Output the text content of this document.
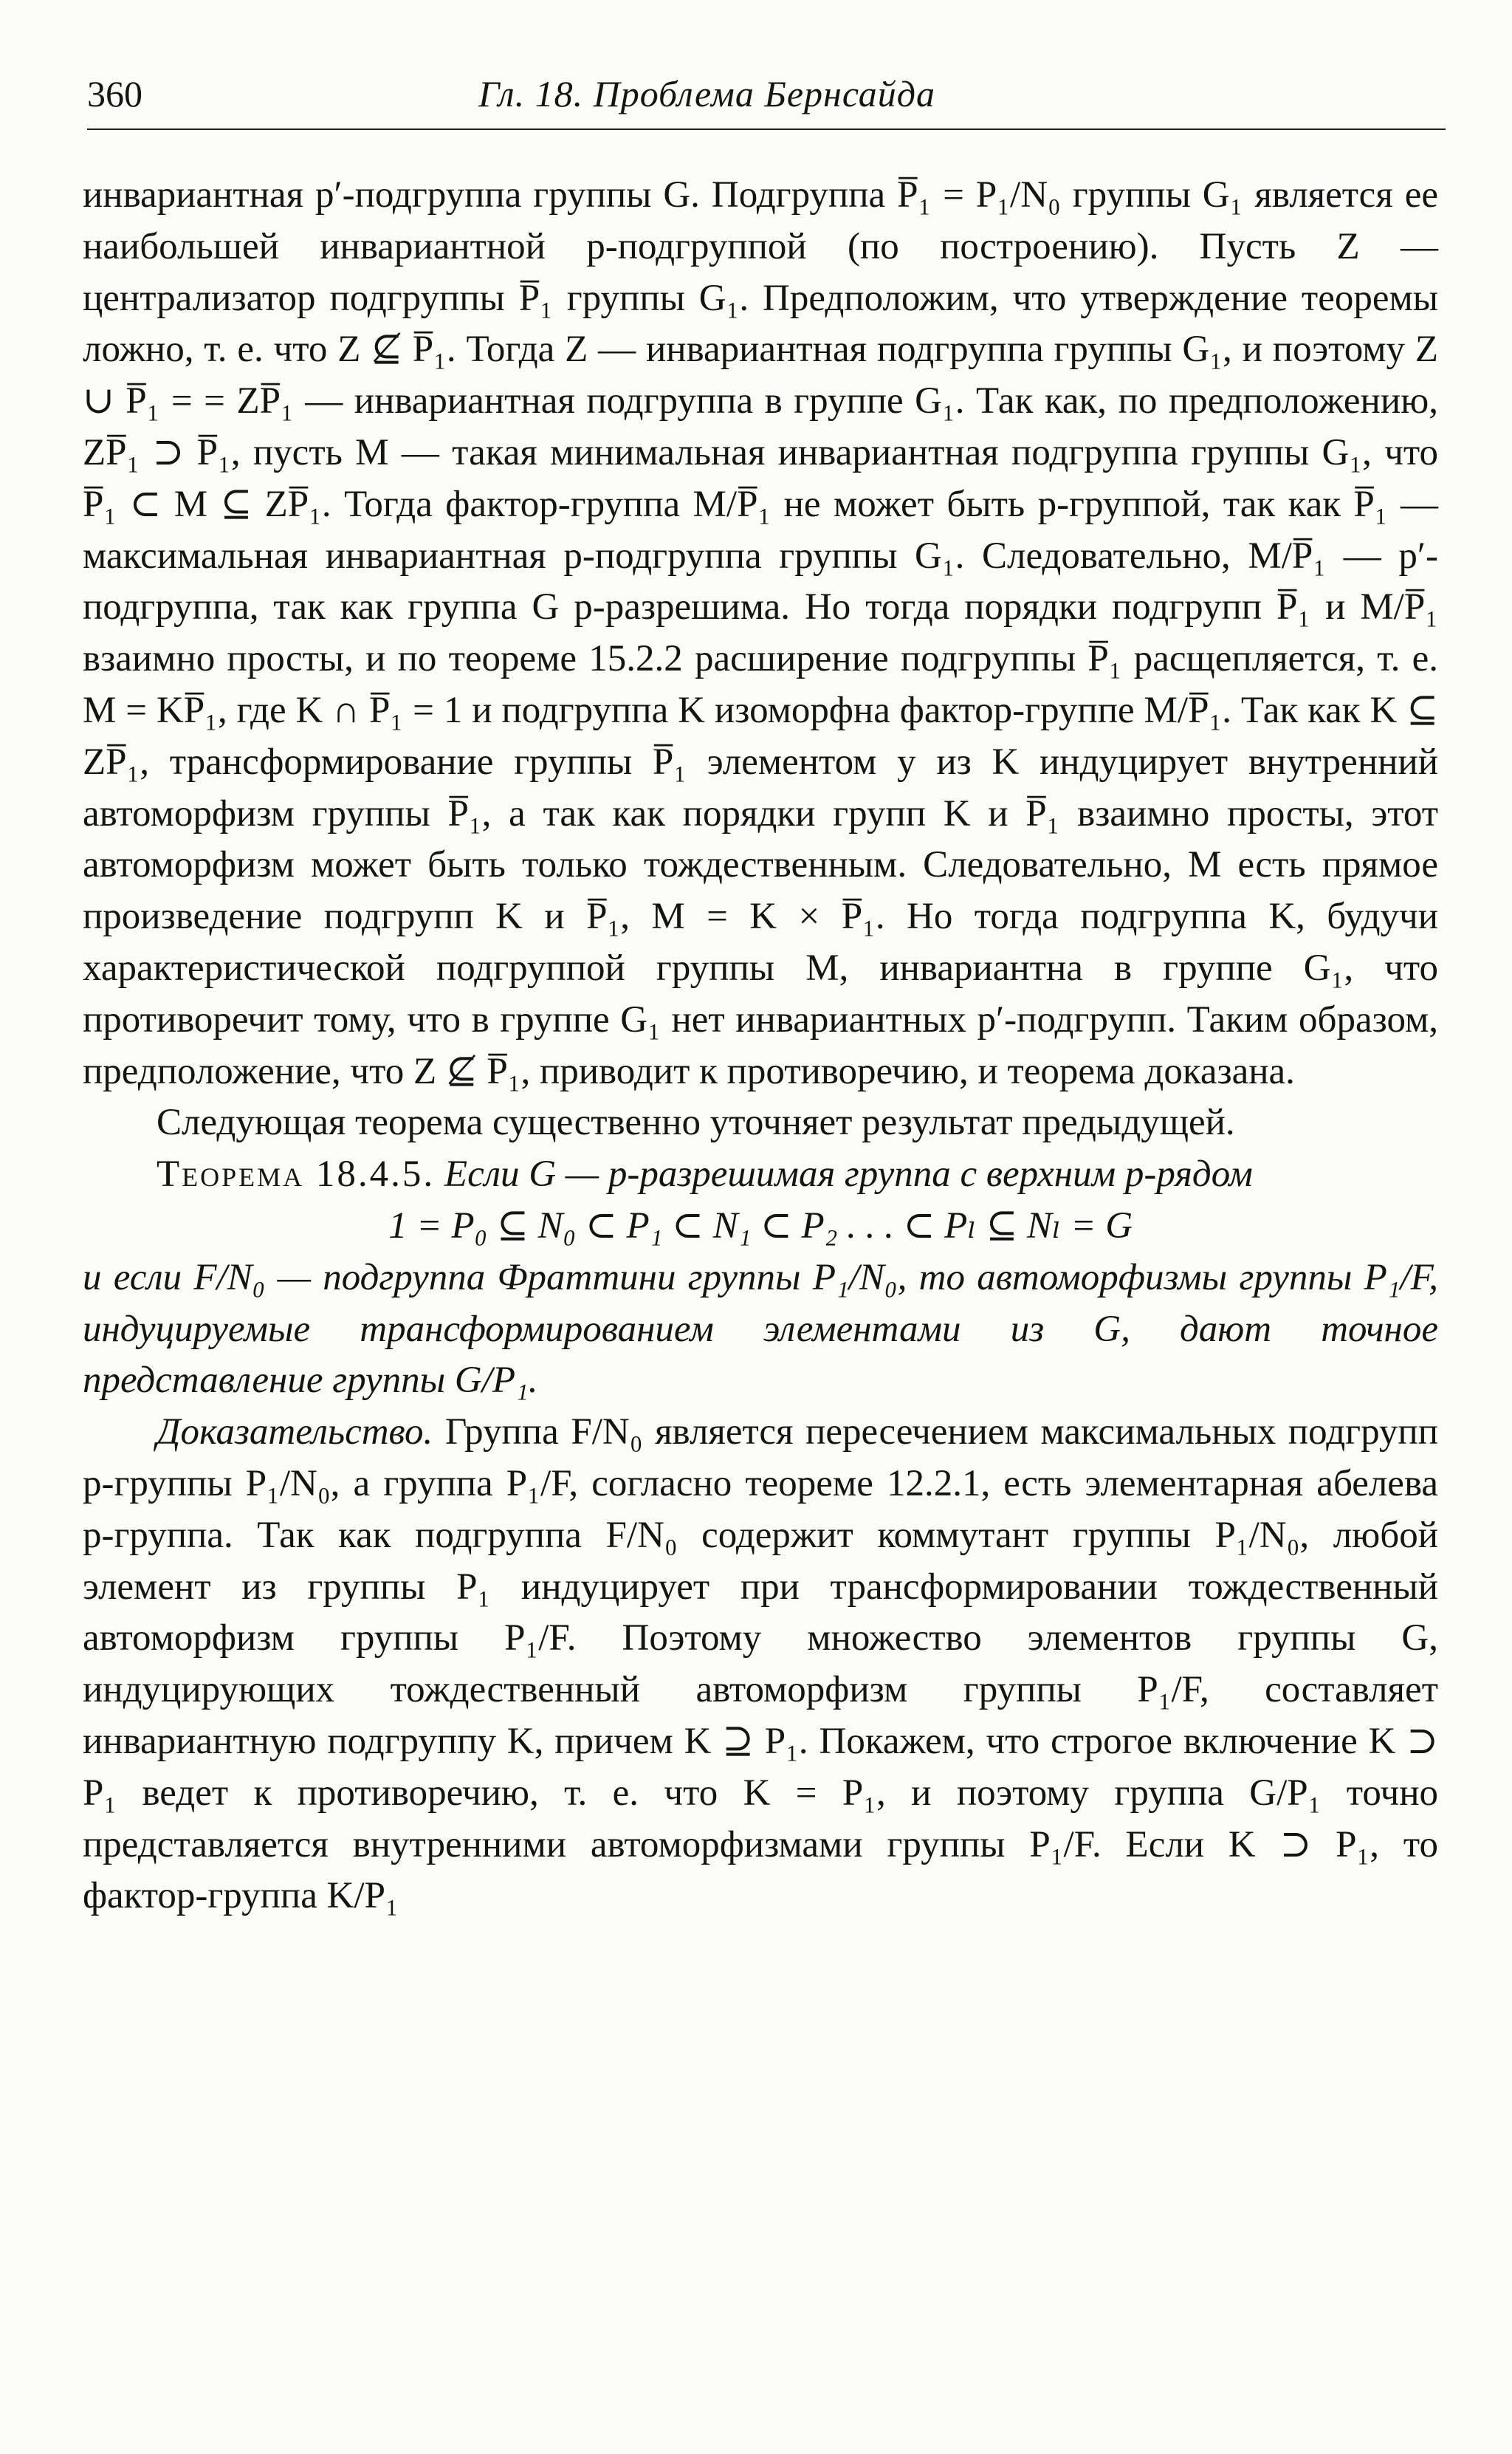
360	Гл. 18. Проблема Бернсайда

инвариантная p′-подгруппа группы G. Подгруппа P̅₁ = P₁/N₀ группы G₁ является ее наибольшей инвариантной p-подгруппой (по построению). Пусть Z — централизатор подгруппы P̅₁ группы G₁. Предположим, что утверждение теоремы ложно, т. е. что Z ⊈ P̅₁. Тогда Z — инвариантная подгруппа группы G₁, и поэтому Z ∪ P̅₁ = = ZP̅₁ — инвариантная подгруппа в группе G₁. Так как, по предположению, ZP̅₁ ⊃ P̅₁, пусть M — такая минимальная инвариантная подгруппа группы G₁, что P̅₁ ⊂ M ⊆ ZP̅₁. Тогда фактор-группа M/P̅₁ не может быть p-группой, так как P̅₁ — максимальная инвариантная p-подгруппа группы G₁. Следовательно, M/P̅₁ — p′-подгруппа, так как группа G p-разрешима. Но тогда порядки подгрупп P̅₁ и M/P̅₁ взаимно просты, и по теореме 15.2.2 расширение подгруппы P̅₁ расщепляется, т. е. M = KP̅₁, где K ∩ P̅₁ = 1 и подгруппа K изоморфна фактор-группе M/P̅₁. Так как K ⊆ ZP̅₁, трансформирование группы P̅₁ элементом y из K индуцирует внутренний автоморфизм группы P̅₁, а так как порядки групп K и P̅₁ взаимно просты, этот автоморфизм может быть только тождественным. Следовательно, M есть прямое произведение подгрупп K и P̅₁, M = K × P̅₁. Но тогда подгруппа K, будучи характеристической подгруппой группы M, инвариантна в группе G₁, что противоречит тому, что в группе G₁ нет инвариантных p′-подгрупп. Таким образом, предположение, что Z ⊈ P̅₁, приводит к противоречию, и теорема доказана.

Следующая теорема существенно уточняет результат предыдущей.

Теорема 18.4.5. Если G — p-разрешимая группа с верхним p-рядом

1 = P₀ ⊆ N₀ ⊂ P₁ ⊂ N₁ ⊂ P₂ . . . ⊂ Pₗ ⊆ Nₗ = G

и если F/N₀ — подгруппа Фраттини группы P₁/N₀, то автоморфизмы группы P₁/F, индуцируемые трансформированием элементами из G, дают точное представление группы G/P₁.

Доказательство. Группа F/N₀ является пересечением максимальных подгрупп p-группы P₁/N₀, а группа P₁/F, согласно теореме 12.2.1, есть элементарная абелева p-группа. Так как подгруппа F/N₀ содержит коммутант группы P₁/N₀, любой элемент из группы P₁ индуцирует при трансформировании тождественный автоморфизм группы P₁/F. Поэтому множество элементов группы G, индуцирующих тождественный автоморфизм группы P₁/F, составляет инвариантную подгруппу K, причем K ⊇ P₁. Покажем, что строгое включение K ⊃ P₁ ведет к противоречию, т. е. что K = P₁, и поэтому группа G/P₁ точно представляется внутренними автоморфизмами группы P₁/F. Если K ⊃ P₁, то фактор-группа K/P₁
